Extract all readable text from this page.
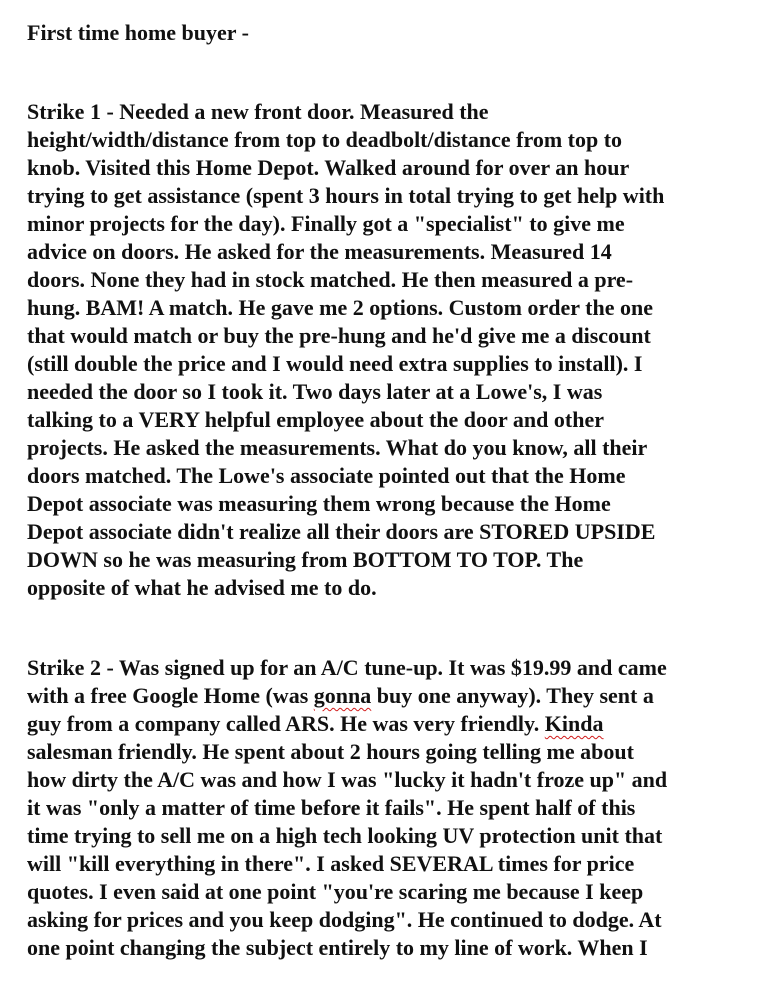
First time home buyer -

Strike 1 - Needed a new front door. Measured the

height/width/distance from top to deadbolt/distance from top to

knob. Visited this Home Depot. Walked around for over an hour

trying to get assistance (spent 3 hours in total trying to get help with

minor projects for the day). Finally got a "specialist" to give me

advice on doors. He asked for the measurements. Measured 14

doors. None they had in stock matched. He then measured a pre-

hung. BAM! A match. He gave me 2 options. Custom order the one

that would match or buy the pre-hung and he'd give me a discount

(still double the price and I would need extra supplies to install). I

needed the door so I took it. Two days later at a Lowe's, I was

talking to a VERY helpful employee about the door and other

projects. He asked the measurements. What do you know, all their

doors matched. The Lowe's associate pointed out that the Home

Depot associate was measuring them wrong because the Home

Depot associate didn't realize all their doors are STORED UPSIDE

DOWN so he was measuring from BOTTOM TO TOP. The

opposite of what he advised me to do.

Strike 2 - Was signed up for an A/C tune-up. It was $19.99 and came

with a free Google Home (was gonna buy one anyway). They sent a

guy from a company called ARS. He was very friendly. Kinda

salesman friendly. He spent about 2 hours going telling me about

how dirty the A/C was and how I was "lucky it hadn't froze up" and

it was "only a matter of time before it fails". He spent half of this

time trying to sell me on a high tech looking UV protection unit that

will "kill everything in there". I asked SEVERAL times for price

quotes. I even said at one point "you're scaring me because I keep

asking for prices and you keep dodging". He continued to dodge. At

one point changing the subject entirely to my line of work. When I
